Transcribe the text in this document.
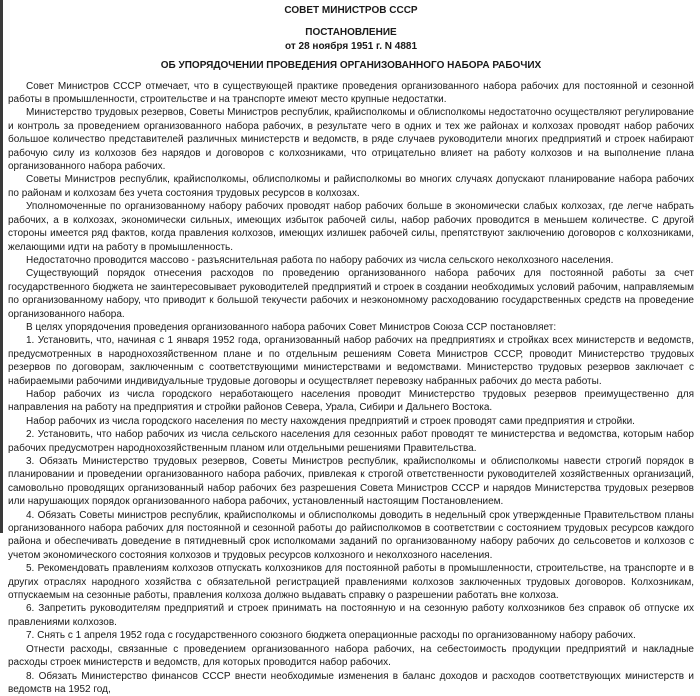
СОВЕТ МИНИСТРОВ СССР
ПОСТАНОВЛЕНИЕ
от 28 ноября 1951 г. N 4881
ОБ УПОРЯДОЧЕНИИ ПРОВЕДЕНИЯ ОРГАНИЗОВАННОГО НАБОРА РАБОЧИХ

Совет Министров СССР отмечает, что в существующей практике проведения организованного набора рабочих для постоянной и сезонной работы в промышленности, строительстве и на транспорте имеют место крупные недостатки.

Министерство трудовых резервов, Советы Министров республик, крайисполкомы и облисполкомы недостаточно осуществляют регулирование и контроль за проведением организованного набора рабочих, в результате чего в одних и тех же районах и колхозах проводят набор рабочих большое количество представителей различных министерств и ведомств, в ряде случаев руководители многих предприятий и строек набирают рабочую силу из колхозов без нарядов и договоров с колхозниками, что отрицательно влияет на работу колхозов и на выполнение плана организованного набора рабочих.

Советы Министров республик, крайисполкомы, облисполкомы и райисполкомы во многих случаях допускают планирование набора рабочих по районам и колхозам без учета состояния трудовых ресурсов в колхозах.

Уполномоченные по организованному набору рабочих проводят набор рабочих больше в экономически слабых колхозах, где легче набрать рабочих, а в колхозах, экономически сильных, имеющих избыток рабочей силы, набор рабочих проводится в меньшем количестве. С другой стороны имеется ряд фактов, когда правления колхозов, имеющих излишек рабочей силы, препятствуют заключению договоров с колхозниками, желающими идти на работу в промышленность.

Недостаточно проводится массово - разъяснительная работа по набору рабочих из числа сельского неколхозного населения.

Существующий порядок отнесения расходов по проведению организованного набора рабочих для постоянной работы за счет государственного бюджета не заинтересовывает руководителей предприятий и строек в создании необходимых условий рабочим, направляемым по организованному набору, что приводит к большой текучести рабочих и неэкономному расходованию государственных средств на проведение организованного набора.

В целях упорядочения проведения организованного набора рабочих Совет Министров Союза ССР постановляет:

1. Установить, что, начиная с 1 января 1952 года, организованный набор рабочих на предприятиях и стройках всех министерств и ведомств, предусмотренных в народнохозяйственном плане и по отдельным решениям Совета Министров СССР, проводит Министерство трудовых резервов по договорам, заключенным с соответствующими министерствами и ведомствами. Министерство трудовых резервов заключает с набираемыми рабочими индивидуальные трудовые договоры и осуществляет перевозку набранных рабочих до места работы.

Набор рабочих из числа городского неработающего населения проводит Министерство трудовых резервов преимущественно для направления на работу на предприятия и стройки районов Севера, Урала, Сибири и Дальнего Востока.

Набор рабочих из числа городского населения по месту нахождения предприятий и строек проводят сами предприятия и стройки.

2. Установить, что набор рабочих из числа сельского населения для сезонных работ проводят те министерства и ведомства, которым набор рабочих предусмотрен народнохозяйственным планом или отдельными решениями Правительства.

3. Обязать Министерство трудовых резервов, Советы Министров республик, крайисполкомы и облисполкомы навести строгий порядок в планировании и проведении организованного набора рабочих, привлекая к строгой ответственности руководителей хозяйственных организаций, самовольно проводящих организованный набор рабочих без разрешения Совета Министров СССР и нарядов Министерства трудовых резервов или нарушающих порядок организованного набора рабочих, установленный настоящим Постановлением.

4. Обязать Советы министров республик, крайисполкомы и облисполкомы доводить в недельный срок утвержденные Правительством планы организованного набора рабочих для постоянной и сезонной работы до райисполкомов в соответствии с состоянием трудовых ресурсов каждого района и обеспечивать доведение в пятидневный срок исполкомами заданий по организованному набору рабочих до сельсоветов и колхозов с учетом экономического состояния колхозов и трудовых ресурсов колхозного и неколхозного населения.

5. Рекомендовать правлениям колхозов отпускать колхозников для постоянной работы в промышленности, строительстве, на транспорте и в других отраслях народного хозяйства с обязательной регистрацией правлениями колхозов заключенных трудовых договоров. Колхозникам, отпускаемым на сезонные работы, правления колхоза должно выдавать справку о разрешении работать вне колхоза.

6. Запретить руководителям предприятий и строек принимать на постоянную и на сезонную работу колхозников без справок об отпуске их правлениями колхозов.

7. Снять с 1 апреля 1952 года с государственного союзного бюджета операционные расходы по организованному набору рабочих.

Отнести расходы, связанные с проведением организованного набора рабочих, на себестоимость продукции предприятий и накладные расходы строек министерств и ведомств, для которых проводится набор рабочих.

8. Обязать Министерство финансов СССР внести необходимые изменения в баланс доходов и расходов соответствующих министерств и ведомств на 1952 год,
